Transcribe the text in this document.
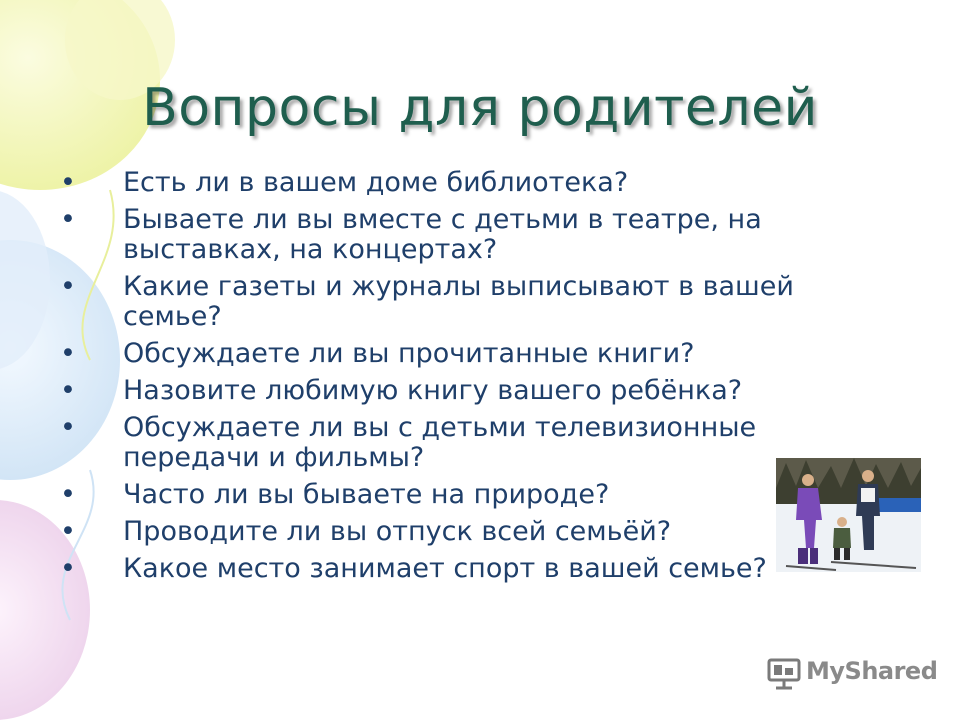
Вопросы для родителей
• Есть ли в вашем доме библиотека?
• Бываете ли вы вместе с детьми в театре, на выставках, на концертах?
• Какие газеты и журналы выписывают в вашей семье?
• Обсуждаете ли вы прочитанные книги?
• Назовите любимую книгу вашего ребёнка?
• Обсуждаете ли вы с детьми телевизионные передачи и фильмы?
• Часто ли вы бываете на природе?
• Проводите ли вы отпуск всей семьёй?
• Какое место занимает спорт в вашей семье?
MyShared
